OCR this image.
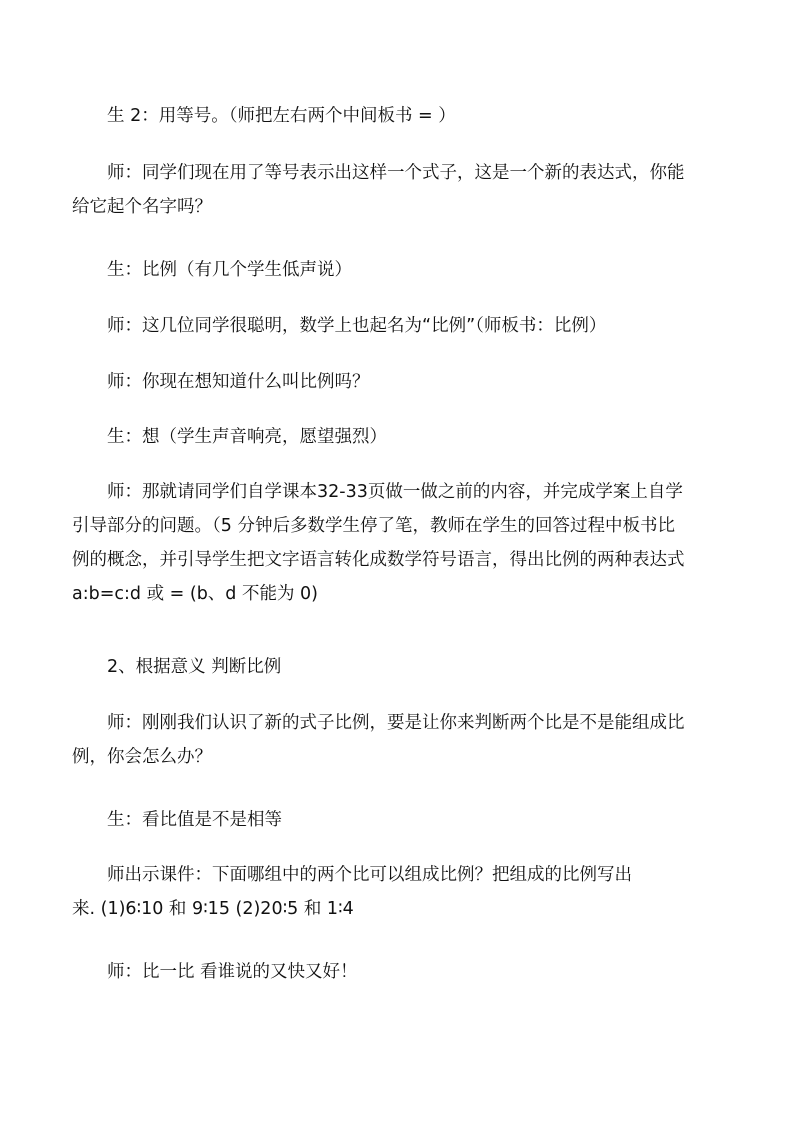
生 2：用等号。（师把左右两个中间板书 = ）

师：同学们现在用了等号表示出这样一个式子，这是一个新的表达式，你能
给它起个名字吗？

生：比例（有几个学生低声说）

师：这几位同学很聪明，数学上也起名为“比例”（师板书：比例）

师：你现在想知道什么叫比例吗？

生：想（学生声音响亮，愿望强烈）

师：那就请同学们自学课本32-33页做一做之前的内容，并完成学案上自学
引导部分的问题。（5 分钟后多数学生停了笔，教师在学生的回答过程中板书比
例的概念，并引导学生把文字语言转化成数学符号语言，得出比例的两种表达式
a:b=c:d 或 = (b、d 不能为 0)

2、根据意义 判断比例

师：刚刚我们认识了新的式子比例，要是让你来判断两个比是不是能组成比
例，你会怎么办？

生：看比值是不是相等

师出示课件：下面哪组中的两个比可以组成比例？把组成的比例写出
来. (1)6∶10 和 9∶15 (2)20∶5 和 1∶4

师：比一比 看谁说的又快又好！
